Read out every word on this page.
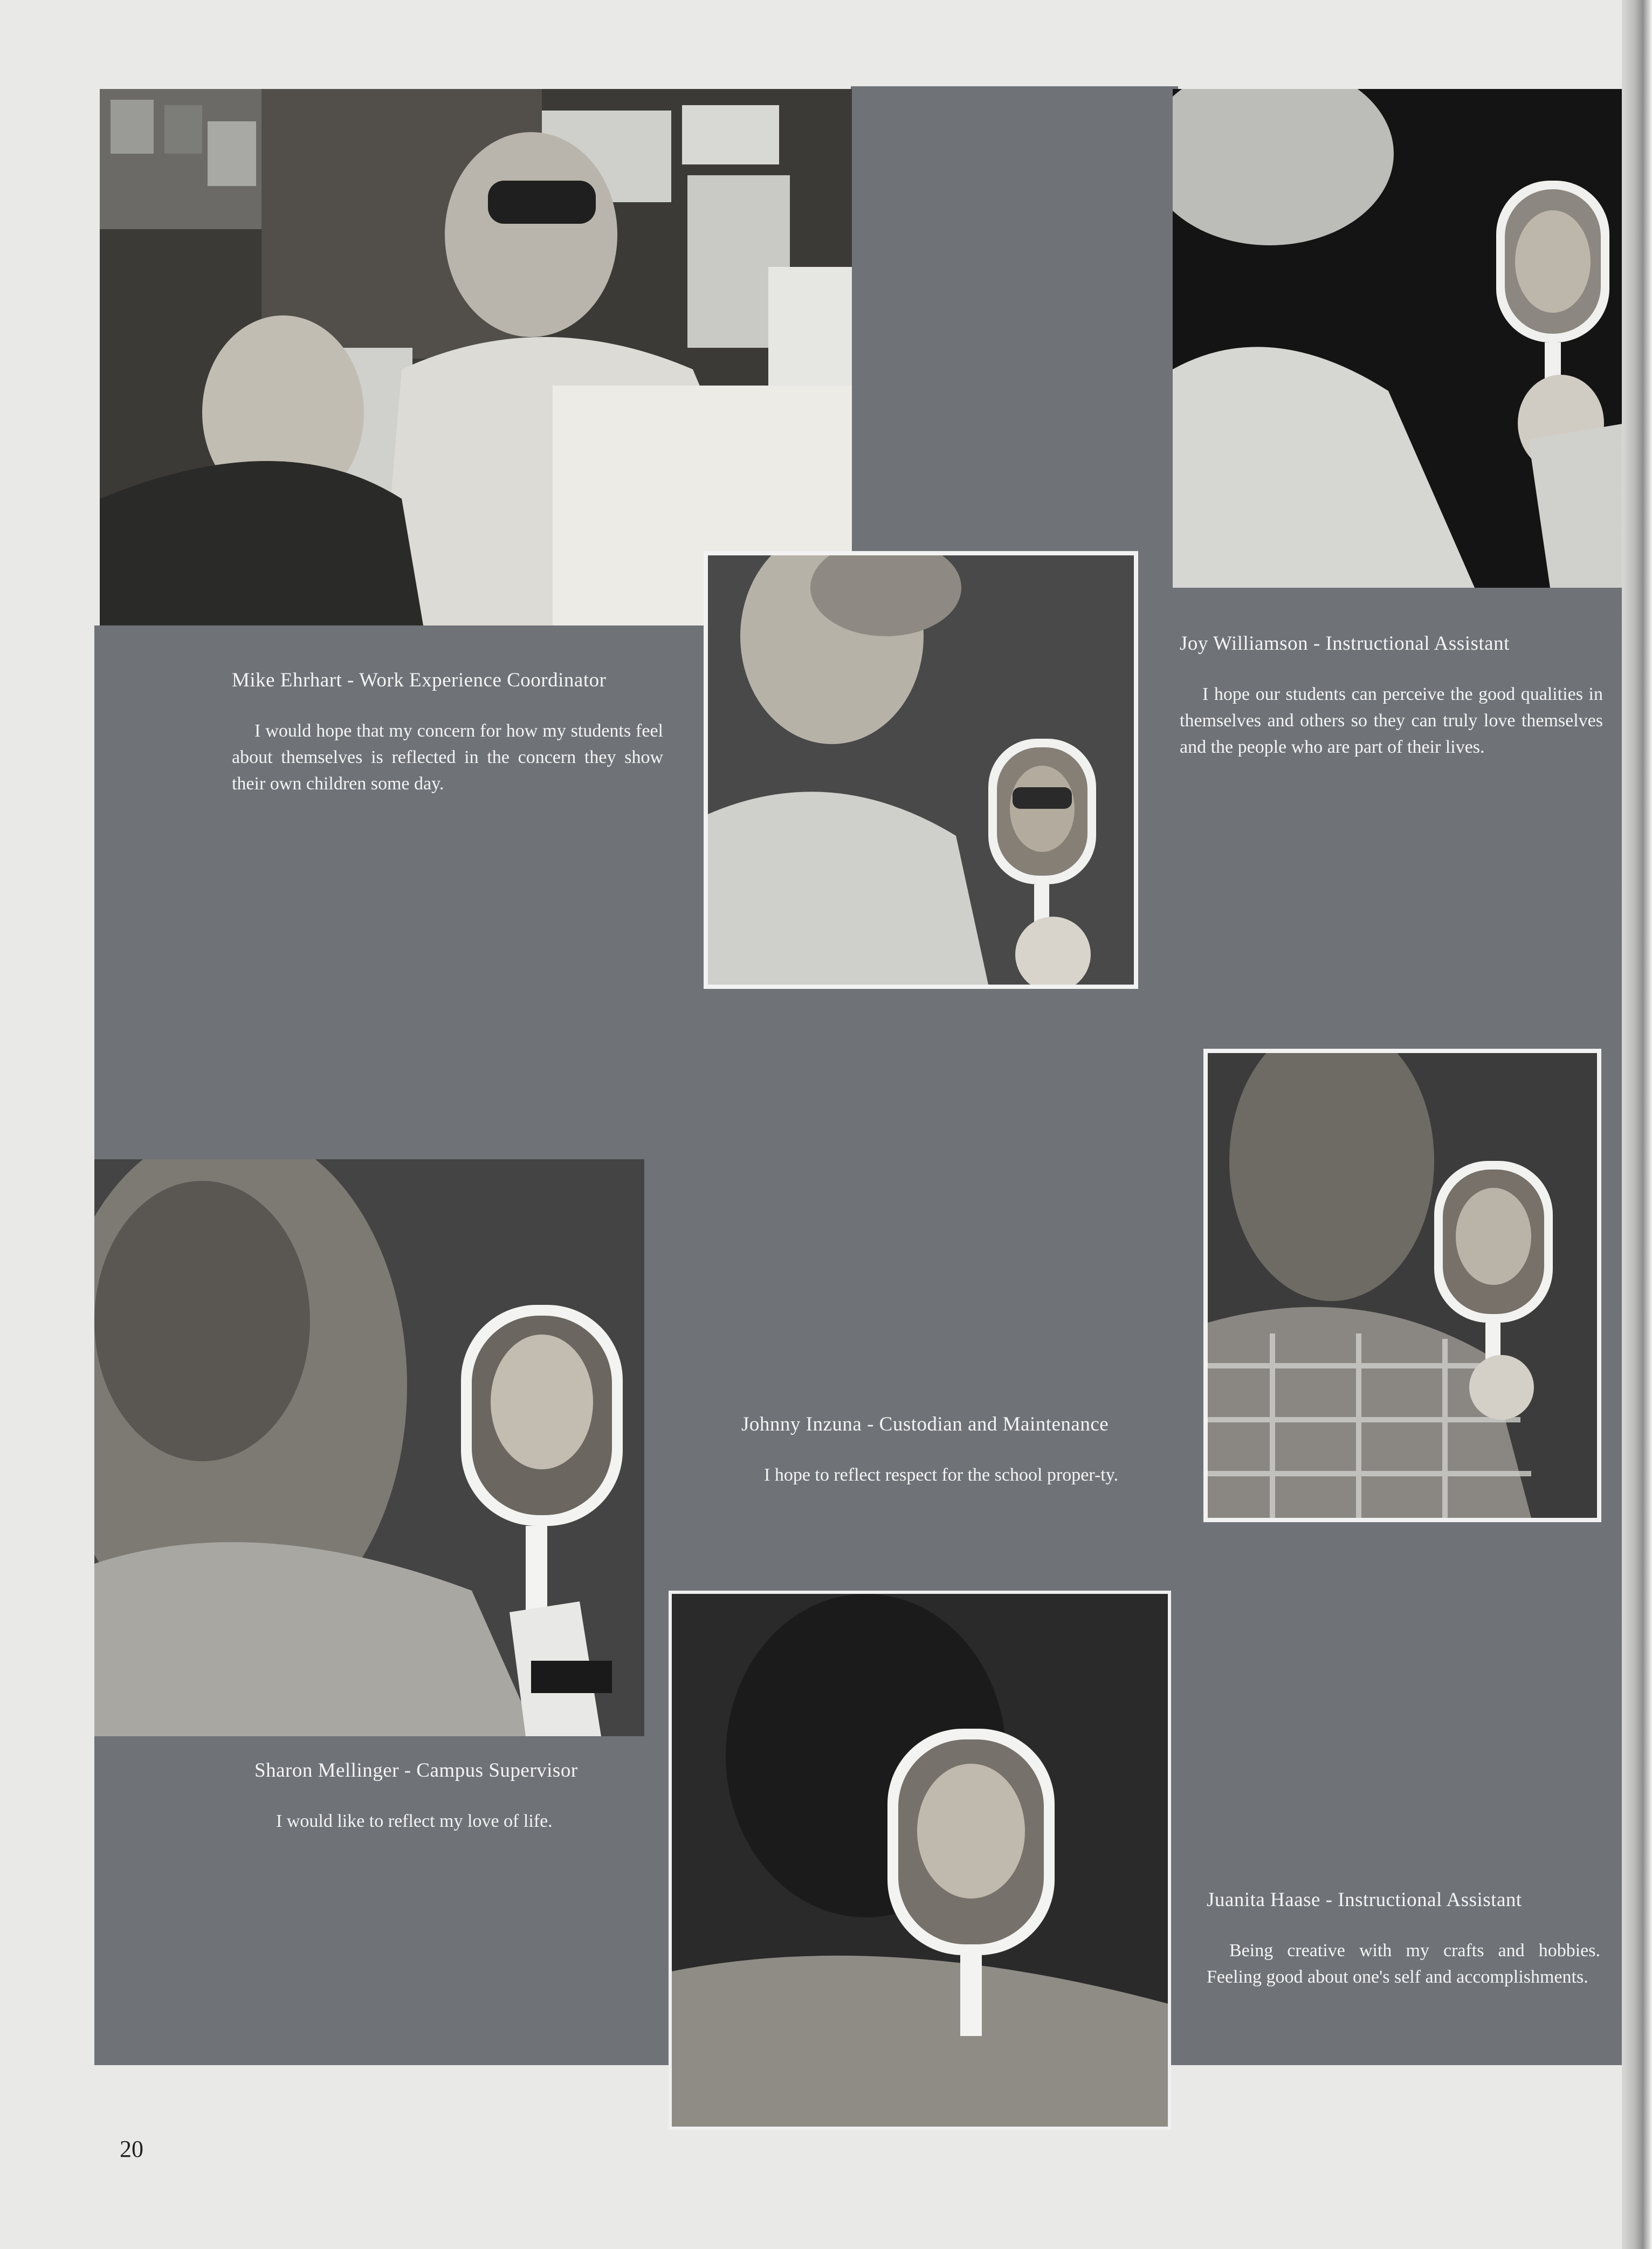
Mike Ehrhart - Work Experience Coordinator

I would hope that my concern for how my students feel about themselves is reflected in the concern they show their own children some day.

Joy Williamson - Instructional Assistant

I hope our students can perceive the good qualities in themselves and others so they can truly love themselves and the people who are part of their lives.

Johnny Inzuna - Custodian and Maintenance

I hope to reflect respect for the school proper-ty.

Sharon Mellinger - Campus Supervisor

I would like to reflect my love of life.

Juanita Haase - Instructional Assistant

Being creative with my crafts and hobbies. Feeling good about one's self and accomplishments.

20
